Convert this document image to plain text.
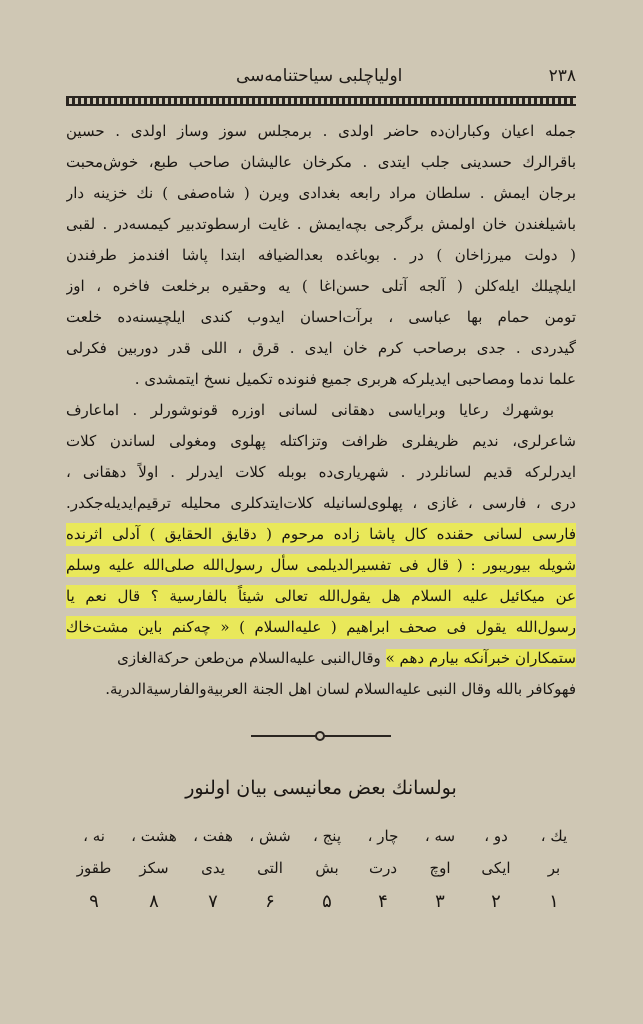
۲۳۸
اولیاچلبی سیاحتنامه‌سی
جمله اعیان وکباران‌ده حاضر اولدی . برمجلس سوز وساز اولدی . حسین
باقرالرك حسدینی جلب ایتدی . مکرخان عالیشان صاحب طبع، خوش‌محبت
برجان ایمش . سلطان مراد رابعه بغدادی ویرن ( شاه‌صفی ) نك خزینه دار
باشیلغندن خان اولمش برگرجی بچه‌ایمش . غایت ارسطوتدبیر کیمسه‌در . لقبی
( دولت میرزاخان ) در . بوباغده بعدالضیافه ابتدا پاشا افندمز طرفندن
ایلچیلك ایله‌کلن ( آلجه آتلی حسن‌اغا ) یه وحقیره برخلعت فاخره ، اوز
تومن حمام بها عباسی ، برآت‌احسان ایدوب کندی ایلچیسنه‌ده خلعت
گیدردی . جدی برصاحب کرم خان ایدی . قرق ، اللی قدر دوربین فکرلی
علما ندما ومصاحبی ایدیلرکه هربری جمیع فنونده تکمیل نسخ ایتمشدی .
بوشهرك رعایا وبرایاسی دهقانی لسانی اوزره قونوشورلر . اماعارف
شاعرلری، ندیم ظریفلری ظرافت وتزاکتله پهلوی ومغولی لساندن کلات
ایدرلرکه قدیم لسانلردر . شهریاری‌ده بوبله کلات ایدرلر . اولاً دهقانی ،
دری ، فارسی ، غازی ، پهلوی‌لسانیله کلات‌ایتدکلری محلیله ترقیم‌ایدیله‌جکدر.
فارسی لسانی حقنده کال پاشا زاده مرحوم ( دقایق الحقایق ) آدلی اثرنده
شویله بیوریبور : ( قال فی تفسیرالدیلمی سأل رسول‌الله صلی‌الله علیه وسلم
عن میکائیل علیه السلام هل یقول‌الله تعالی شیئاً بالفارسیة ؟ قال نعم یا
رسول‌الله یقول فی صحف ابراهیم ( علیه‌السلام ) « چه‌کنم باین مشت‌خاك
ستمکاران خبرآنکه بیارم دهم » وقال‌النبی علیه‌السلام من‌طعن حرکةالغازی
فهوکافر بالله وقال النبی علیه‌السلام لسان اهل الجنة العربیة‌والفارسیة‌الدریة.
بولسانك بعض معانیسی بیان اولنور
یك ،
دو ،
سه ،
چار ،
پنج ،
شش ،
هفت ،
هشت ،
نه ،
بر
ایکی
اوچ
درت
بش
التی
یدی
سکز
طقوز
۱
۲
۳
۴
۵
۶
۷
۸
۹
